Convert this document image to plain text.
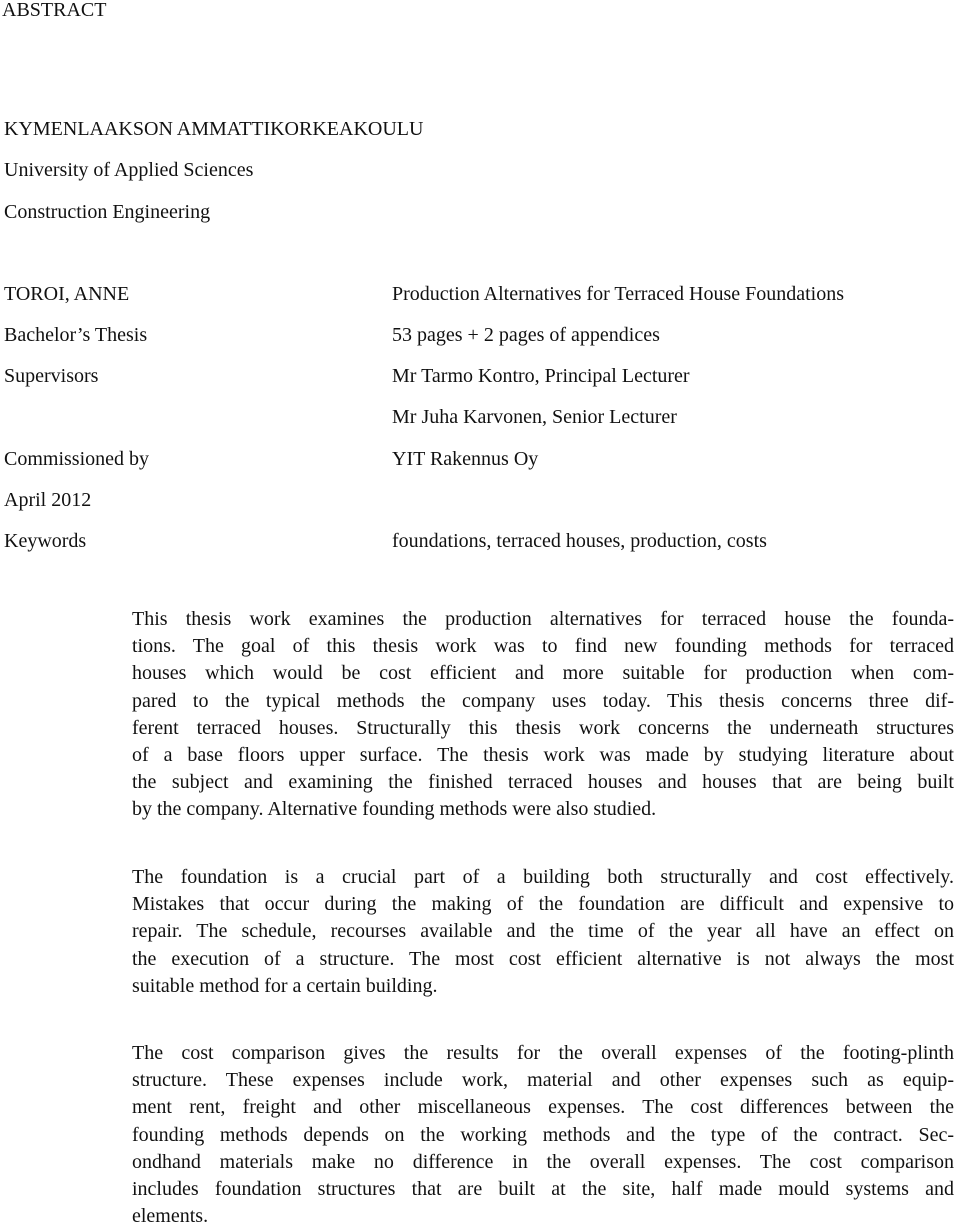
ABSTRACT
KYMENLAAKSON AMMATTIKORKEAKOULU
University of Applied Sciences
Construction Engineering
TOROI, ANNE	Production Alternatives for Terraced House Foundations
Bachelor’s Thesis	53 pages + 2 pages of appendices
Supervisors	Mr Tarmo Kontro, Principal Lecturer
Mr Juha Karvonen, Senior Lecturer
Commissioned by	YIT Rakennus Oy
April 2012
Keywords	foundations, terraced houses, production, costs
This thesis work examines the production alternatives for terraced house the founda-
tions. The goal of this thesis work was to find new founding methods for terraced
houses which would be cost efficient and more suitable for production when com-
pared to the typical methods the company uses today. This thesis concerns three dif-
ferent terraced houses. Structurally this thesis work concerns the underneath structures
of a base floors upper surface. The thesis work was made by studying literature about
the subject and examining the finished terraced houses and houses that are being built
by the company. Alternative founding methods were also studied.
The foundation is a crucial part of a building both structurally and cost effectively.
Mistakes that occur during the making of the foundation are difficult and expensive to
repair. The schedule, recourses available and the time of the year all have an effect on
the execution of a structure. The most cost efficient alternative is not always the most
suitable method for a certain building.
The cost comparison gives the results for the overall expenses of the footing-plinth
structure. These expenses include work, material and other expenses such as equip-
ment rent, freight and other miscellaneous expenses. The cost differences between the
founding methods depends on the working methods and the type of the contract. Sec-
ondhand materials make no difference in the overall expenses. The cost comparison
includes foundation structures that are built at the site, half made mould systems and
elements.
